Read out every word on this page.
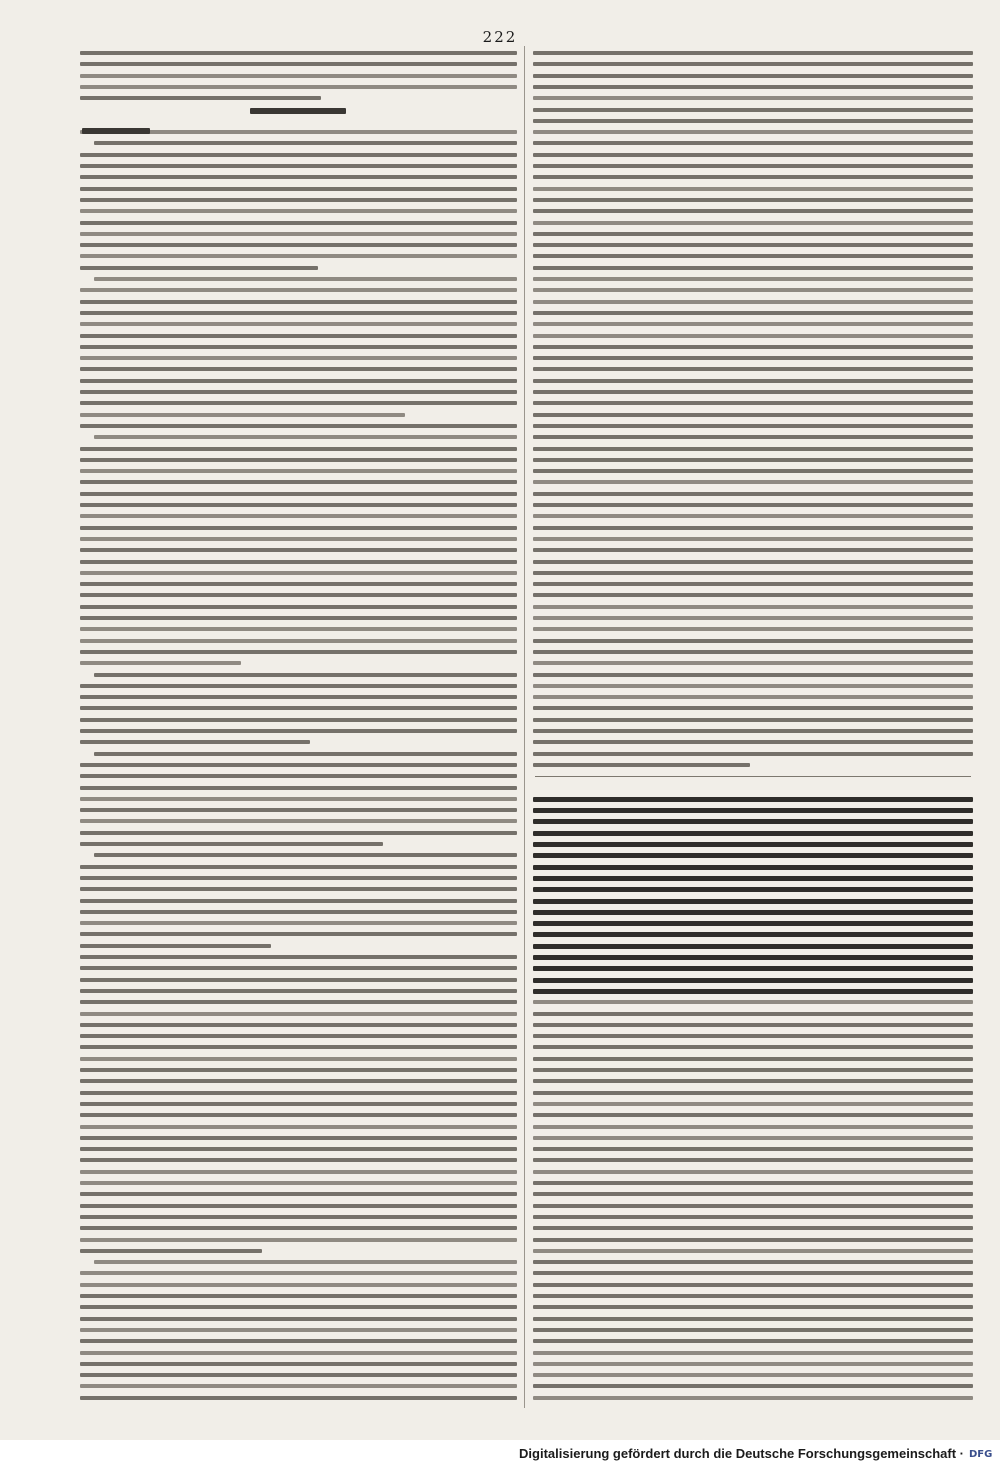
222
Digitalisierung gefördert durch die Deutsche Forschungsgemeinschaft · DFG
